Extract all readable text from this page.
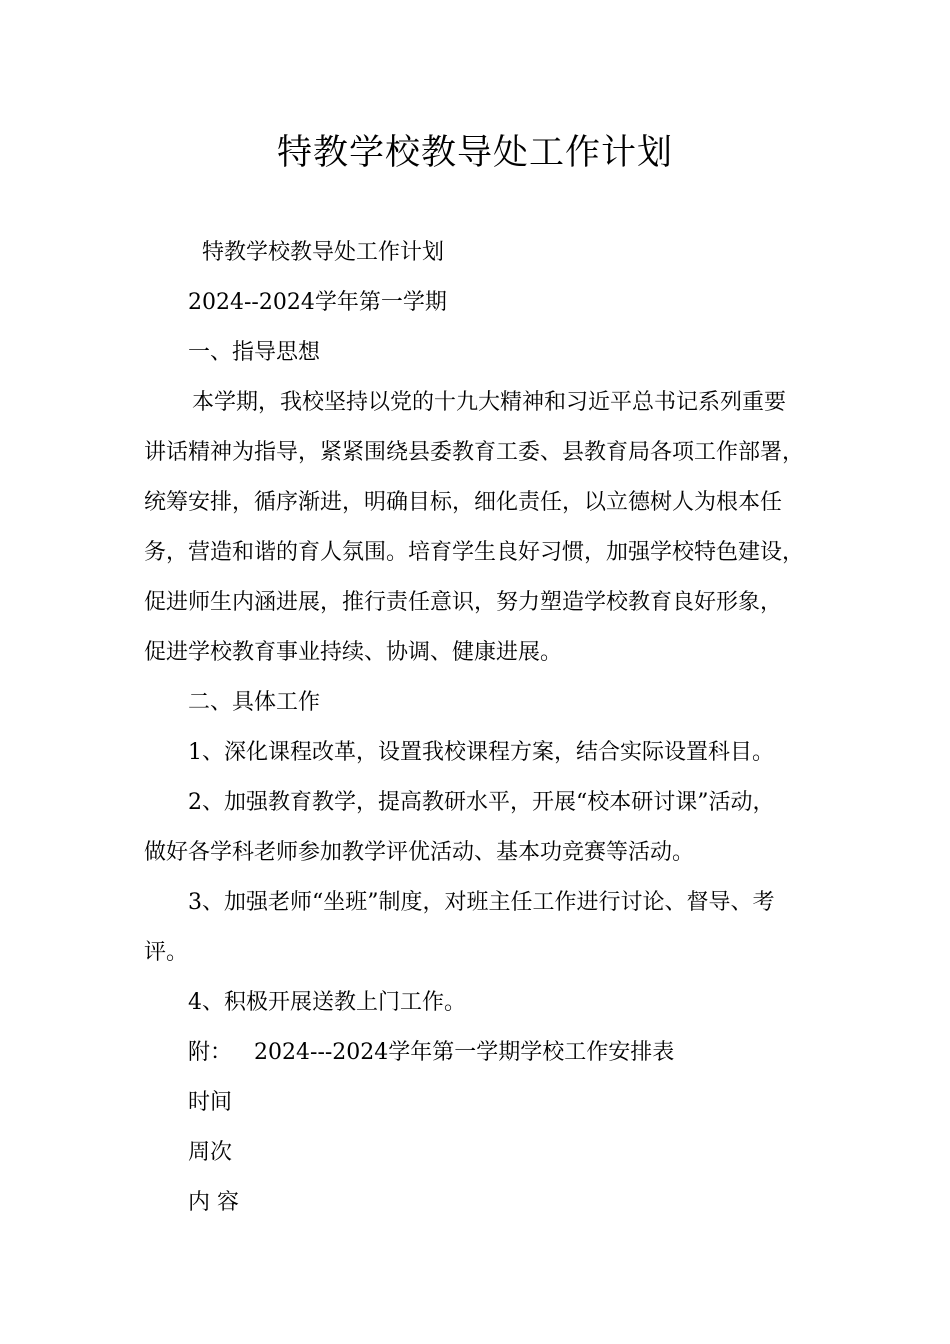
特教学校教导处工作计划

特教学校教导处工作计划

2024--2024学年第一学期

一、指导思想

本学期，我校坚持以党的十九大精神和习近平总书记系列重要

讲话精神为指导，紧紧围绕县委教育工委、县教育局各项工作部署，

统筹安排，循序渐进，明确目标，细化责任，以立德树人为根本任

务，营造和谐的育人氛围。培育学生良好习惯，加强学校特色建设，

促进师生内涵进展，推行责任意识，努力塑造学校教育良好形象，

促进学校教育事业持续、协调、健康进展。

二、具体工作

1、深化课程改革，设置我校课程方案，结合实际设置科目。

2、加强教育教学，提高教研水平，开展“校本研讨课”活动，

做好各学科老师参加教学评优活动、基本功竞赛等活动。

3、加强老师“坐班”制度，对班主任工作进行讨论、督导、考

评。

4、积极开展送教上门工作。

附： 2024---2024学年第一学期学校工作安排表

时间

周次

内 容
